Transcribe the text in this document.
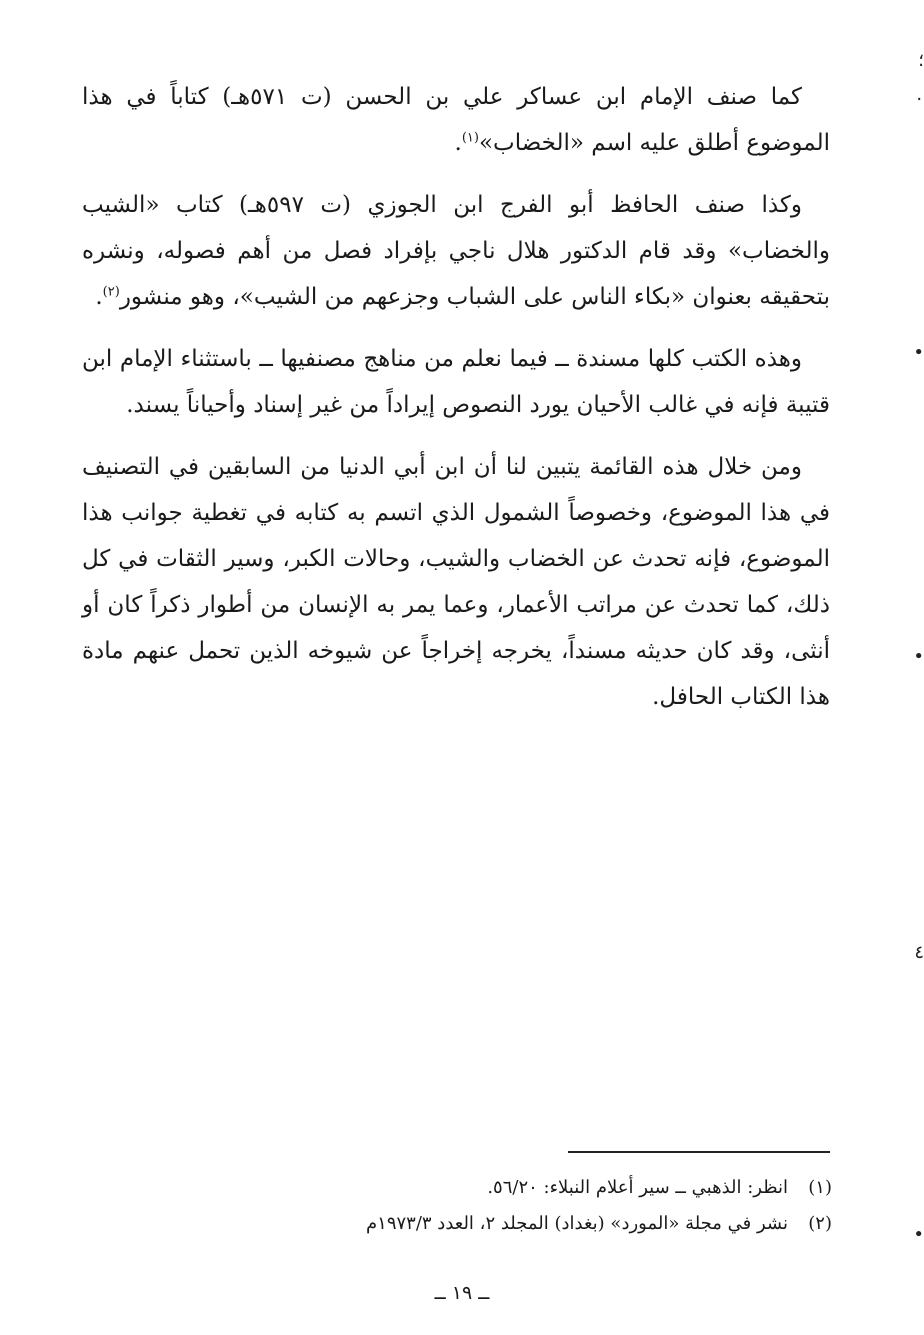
كما صنف الإمام ابن عساكر علي بن الحسن (ت ٥٧١هـ) كتاباً في هذا الموضوع أطلق عليه اسم «الخضاب»$^{(١)}$.

وكذا صنف الحافظ أبو الفرج ابن الجوزي (ت ٥٩٧هـ) كتاب «الشيب والخضاب» وقد قام الدكتور هلال ناجي بإفراد فصل من أهم فصوله، ونشره بتحقيقه بعنوان «بكاء الناس على الشباب وجزعهم من الشيب»، وهو منشور$^{(٢)}$.

وهذه الكتب كلها مسندة ــ فيما نعلم من مناهج مصنفيها ــ باستثناء الإمام ابن قتيبة فإنه في غالب الأحيان يورد النصوص إيراداً من غير إسناد وأحياناً يسند.

ومن خلال هذه القائمة يتبين لنا أن ابن أبي الدنيا من السابقين في التصنيف في هذا الموضوع، وخصوصاً الشمول الذي اتسم به كتابه في تغطية جوانب هذا الموضوع، فإنه تحدث عن الخضاب والشيب، وحالات الكبر، وسير الثقات في كل ذلك، كما تحدث عن مراتب الأعمار، وعما يمر به الإنسان من أطوار ذكراً كان أو أنثى، وقد كان حديثه مسنداً، يخرجه إخراجاً عن شيوخه الذين تحمل عنهم مادة هذا الكتاب الحافل.

(١)
انظر: الذهبي ــ سير أعلام النبلاء: ٥٦/٢٠.

(٢)
نشر في مجلة «المورد» (بغداد) المجلد ٢، العدد ١٩٧٣/٣م

ــ ١٩ ــ
؛
٠
•
•
٤
•
